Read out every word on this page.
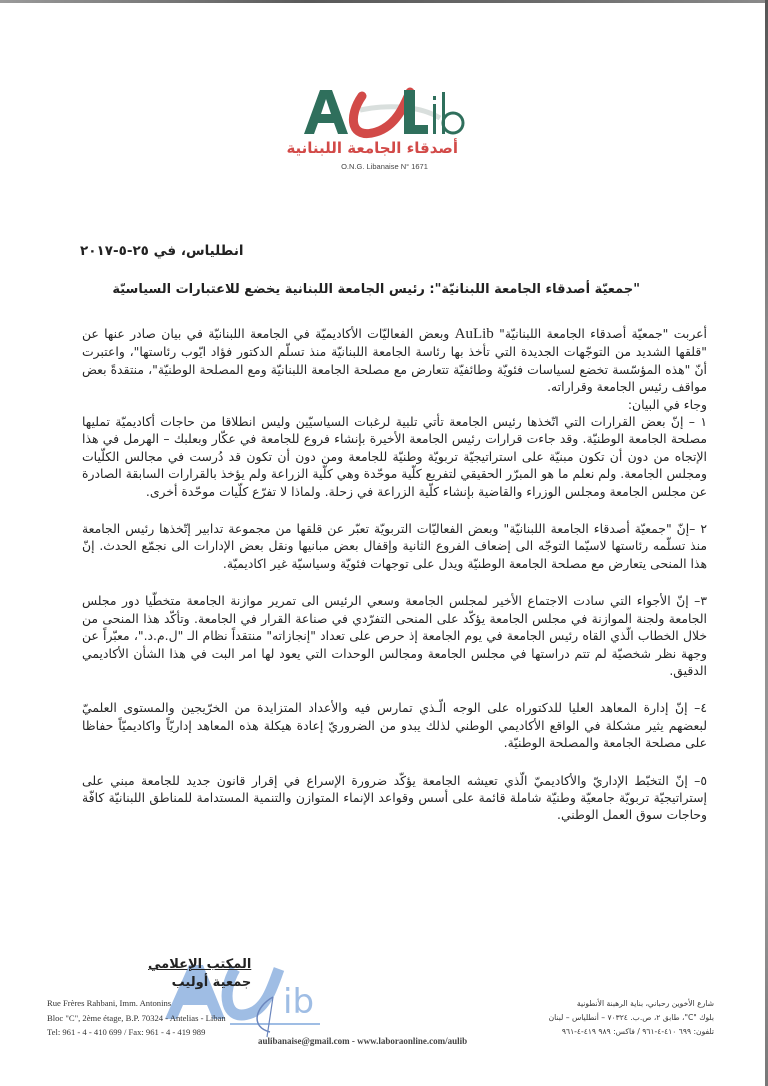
أصدقاء الجامعة اللبنانية
O.N.G. Libanaise N° 1671
انطلياس، في ٢٥-٥-٢٠١٧
"جمعيّة أصدقاء الجامعة اللبنانيّة": رئيس الجامعة اللبنانية يخضع للاعتبارات السياسيّة

أعربت "جمعيّة أصدقاء الجامعة اللبنانيّة" AuLib وبعض الفعاليّات الأكاديميّة في الجامعة اللبنانيّة في بيان صادر عنها عن "قلقها الشديد من التوجّهات الجديدة التي تأخذ بها رئاسة الجامعة اللبنانيّة منذ تسلّم الدكتور فؤاد ايّوب رئاستها"، واعتبرت أنّ "هذه المؤسّسة تخضع لسياسات فئويّة وطائفيّة تتعارض مع مصلحة الجامعة اللبنانيّة ومع المصلحة الوطنيّة"، منتقدةً بعض مواقف رئيس الجامعة وقراراته.

وجاء في البيان:

١ – إنّ بعض القرارات التي اتّخذها رئيس الجامعة تأتي تلبية لرغبات السياسيّين وليس انطلاقا من حاجات أكاديميّة تمليها مصلحة الجامعة الوطنيّة. وقد جاءت قرارات رئيس الجامعة الأخيرة بإنشاء فروع للجامعة في عكّار وبعلبك – الهرمل في هذا الإتجاه من دون أن تكون مبنيّة على استراتيجيّة تربويّة وطنيّة للجامعة ومن دون أن تكون قد دُرست في مجالس الكلّيات ومجلس الجامعة. ولم نعلم ما هو المبرّر الحقيقي لتفريع كلّية موحّدة وهي كلّية الزراعة ولم يؤخذ بالقرارات السابقة الصادرة عن مجلس الجامعة ومجلس الوزراء والقاضية بإنشاء كلّية الزراعة في زحلة. ولماذا لا تفرّع كلّيات موحّدة أخرى.

٢ –إنّ "جمعيّة أصدقاء الجامعة اللبنانيّة" وبعض الفعاليّات التربويّة تعبّر عن قلقها من مجموعة تدابير إتّخذها رئيس الجامعة منذ تسلّمه رئاستها لاسيّما التوجّه الى إضعاف الفروع الثانية وإقفال بعض مبانيها ونقل بعض الإدارات الى نجمّع الحدث. إنّ هذا المنحى يتعارض مع مصلحة الجامعة الوطنيّة ويدل على توجهات فئويّة وسياسيّة غير اكاديميّة.

٣– إنّ الأجواء التي سادت الاجتماع الأخير لمجلس الجامعة وسعي الرئيس الى تمرير موازنة الجامعة متخطّيا دور مجلس الجامعة ولجنة الموازنة في مجلس الجامعة يؤكّد على المنحى التفرّدي في صناعة القرار في الجامعة. وتأكّد هذا المنحى من خلال الخطاب الّذي القاه رئيس الجامعة في يوم الجامعة إذ حرص على تعداد "إنجازاته" منتقداً نظام الـ "ل.م.د."، معبّراً عن وجهة نظر شخصيّة لم تتم دراستها في مجلس الجامعة ومجالس الوحدات التي يعود لها امر البت في هذا الشأن الأكاديمي الدقيق.

٤– إنّ إدارة المعاهد العليا للدكتوراه على الوجه الّـذي تمارس فيه والأعداد المتزايدة من الخرّيجين والمستوى العلميّ لبعضهم يثير مشكلة في الواقع الأكاديمي الوطني لذلك يبدو من الضروريّ إعادة هيكلة هذه المعاهد إداريّاً واكاديميّاً حفاظا على مصلحة الجامعة والمصلحة الوطنيّة.

٥– إنّ التخبّط الإداريّ والأكاديميّ الّذي تعيشه الجامعة يؤكّد ضرورة الإسراع في إقرار قانون جديد للجامعة مبني على إستراتيجيّة تربويّة جامعيّة وطنيّة شاملة قائمة على أسس وقواعد الإنماء المتوازن والتنمية المستدامة للمناطق اللبنانيّة كافّة وحاجات سوق العمل الوطني.

ib
المكتب الإعلامي
جمعية أوليب
Rue Frères Rahbani, Imm. Antonins
Bloc "C", 2ème étage, B.P. 70324 - Antelias - Liban
Tel: 961 - 4 - 410 699 / Fax: 961 - 4 - 419 989
شارع الأخوين رحباني، بناية الرهبنة الأنطونية
بلوك "C"، طابق ٢، ص.ب. ٧٠٣٢٤ – أنطلياس – لبنان
تلفون: ٦٩٩ ٤١٠-٤-٩٦١ / فاكس: ٩٨٩ ٤١٩-٤-٩٦١
aulibanaise@gmail.com - www.laboraonline.com/aulib
